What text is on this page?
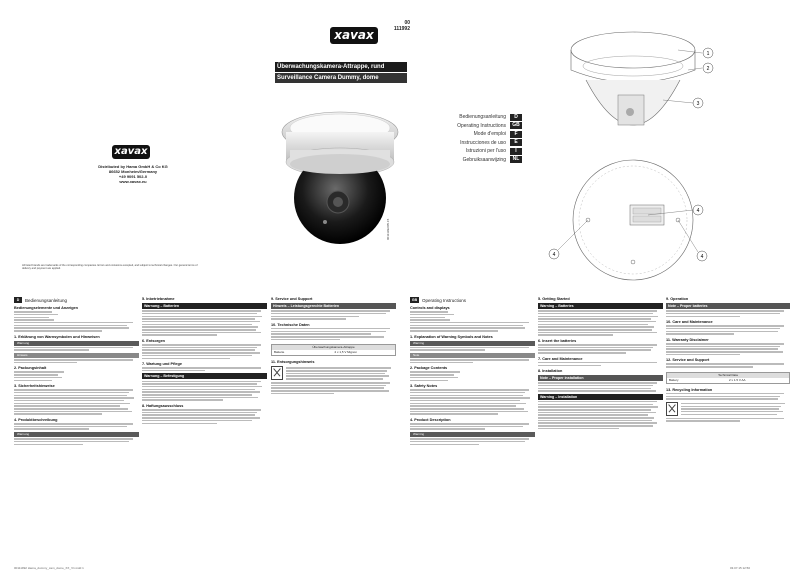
All listed brands are trademarks of the corresponding companies. Errors and omissions excepted, and subject to technical changes. Our general terms of delivery and payment are applied.
xavax
Distributed by Hama GmbH & Co KG
86652 Monheim/Germany
+49 9091 502-0
www.xavax.eu
00
111992
xavax
Überwachungskamera-Attrappe, rund
Surveillance Camera Dummy, dome
Bedienungsanleitung	D
Operating Instructions	GB
Mode d'emploi	F
Instrucciones de uso	E
Istruzioni per l'uso	I
Gebruiksaanwijzing	NL
00111992/05.15
1
2
3
4
4	4
D	Bedienungsanleitung
Bedienungselemente und Anzeigen
1. Erklärung von Warnsymbolen und Hinweisen
Warnung
Hinweis
2. Packungsinhalt
3. Sicherheitshinweise
4. Produktbeschreibung
Warnung
5. Inbetriebnahme
Warnung – Batterien
6. Entsorgen
7. Wartung und Pflege
Warnung – Befestigung
8. Haftungsausschluss
9. Service und Support
Hinweis – Leistungsgerechte Batterien
10. Technische Daten
Überwachungskamera-Attrappe
Batterie	2 x 1,5 V Mignon
11. Entsorgungshinweis
GB	Operating Instructions
Controls and displays
1. Explanation of Warning Symbols and Notes
Warning
Note
2. Package Contents
3. Safety Notes
4. Product Description
Warning
5. Getting Started
Warning – Batteries
6. Insert the batteries
7. Care and Maintenance
8. Installation
Note – Proper installation
Warning – Installation
9. Operation
Note – Proper batteries
10. Care and Maintenance
11. Warranty Disclaimer
12. Service and Support
Technical Data
Battery	2 x 1.5 V AA
13. Recycling Information
00111992 Hama_dummy_cam_dome_XX_V1.indd 1	03.07.15 12:50
